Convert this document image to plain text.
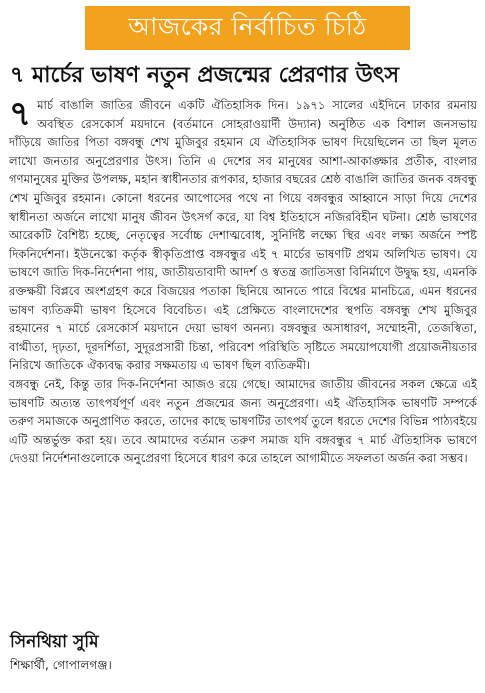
আজকের নির্বাচিত চিঠি
৭ মার্চের ভাষণ নতুন প্রজন্মের প্রেরণার উৎস

৭ মার্চ বাঙালি জাতির জীবনে একটি ঐতিহাসিক দিন। ১৯৭১ সালের এইদিনে ঢাকার রমনায় অবস্থিত রেসকোর্স ময়দানে (বর্তমানে সোহরাওয়ার্দী উদ্যান) অনুষ্ঠিত এক বিশাল জনসভায় দাঁড়িয়ে জাতির পিতা বঙ্গবন্ধু শেখ মুজিবুর রহমান যে ঐতিহাসিক ভাষণ দিয়েছিলেন তা ছিল মূলত লাখো জনতার অনুপ্রেরণার উৎস। তিনি এ দেশের সব মানুষের আশা-আকাঙ্ক্ষার প্রতীক, বাংলার গণমানুষের মুক্তির উপলক্ষ, মহান স্বাধীনতার রূপকার, হাজার বছরের শ্রেষ্ঠ বাঙালি জাতির জনক বঙ্গবন্ধু শেখ মুজিবুর রহমান। কোনো ধরনের আপোসের পথে না গিয়ে বঙ্গবন্ধুর আহ্বানে সাড়া দিয়ে দেশের স্বাধীনতা অর্জনে লাখো মানুষ জীবন উৎসর্গ করে, যা বিশ্ব ইতিহাসে নজিরবিহীন ঘটনা। শ্রেষ্ঠ ভাষণের আরেকটি বৈশিষ্ট্য হচ্ছে, নেতৃত্বের সর্বোচ্চ দেশাত্মবোধ, সুনির্দিষ্ট লক্ষ্যে স্থির এবং লক্ষ্য অর্জনে স্পষ্ট দিকনির্দেশনা। ইউনেস্কো কর্তৃক স্বীকৃতিপ্রাপ্ত বঙ্গবন্ধুর এই ৭ মার্চের ভাষণটি প্রথম অলিখিত ভাষণ। যে ভাষণে জাতি দিক-নির্দেশনা পায়, জাতীয়তাবাদী আদর্শ ও স্বতন্ত্র জাতিসত্তা বিনির্মাণে উদ্বুদ্ধ হয়, এমনকি রক্তক্ষয়ী বিপ্লবে অংশগ্রহণ করে বিজয়ের পতাকা ছিনিয়ে আনতে পারে বিশ্বের মানচিত্রে, এমন ধরনের ভাষণ ব্যতিক্রমী ভাষণ হিসেবে বিবেচিত। এই প্রেক্ষিতে বাংলাদেশের স্থপতি বঙ্গবন্ধু শেখ মুজিবুর রহমানের ৭ মার্চে রেসকোর্স ময়দানে দেয়া ভাষণ অনন্য। বঙ্গবন্ধুর অসাধারণ, সম্মোহনী, তেজস্বিতা, বাগ্মীতা, দৃঢ়তা, দূরদর্শিতা, সুদূরপ্রসারী চিন্তা, পরিবেশ পরিস্থিতি সৃষ্টিতে সময়োপযোগী প্রয়োজনীয়তার নিরিখে জাতিকে ঐক্যবদ্ধ করার সক্ষমতায় এ ভাষণ ছিল ব্যতিক্রমী।

বঙ্গবন্ধু নেই, কিন্তু তার দিক-নির্দেশনা আজও রয়ে গেছে। আমাদের জাতীয় জীবনের সকল ক্ষেত্রে এই ভাষণটি অত্যন্ত তাৎপর্যপূর্ণ এবং নতুন প্রজন্মের জন্য অনুপ্রেরণা। এই ঐতিহাসিক ভাষণটি সম্পর্কে তরুণ সমাজকে অনুপ্রাণিত করতে, তাদের কাছে ভাষণটির তাৎপর্য তুলে ধরতে দেশের বিভিন্ন পাঠ্যবইয়ে এটি অন্তর্ভুক্ত করা হয়। তবে আমাদের বর্তমান তরুণ সমাজ যদি বঙ্গবন্ধুর ৭ মার্চ ঐতিহাসিক ভাষণে দেওয়া নির্দেশনাগুলোকে অনুপ্রেরণা হিসেবে ধারণ করে তাহলে আগামীতে সফলতা অর্জন করা সম্ভব।

সিনথিয়া সুমি
শিক্ষার্থী, গোপালগঞ্জ।
